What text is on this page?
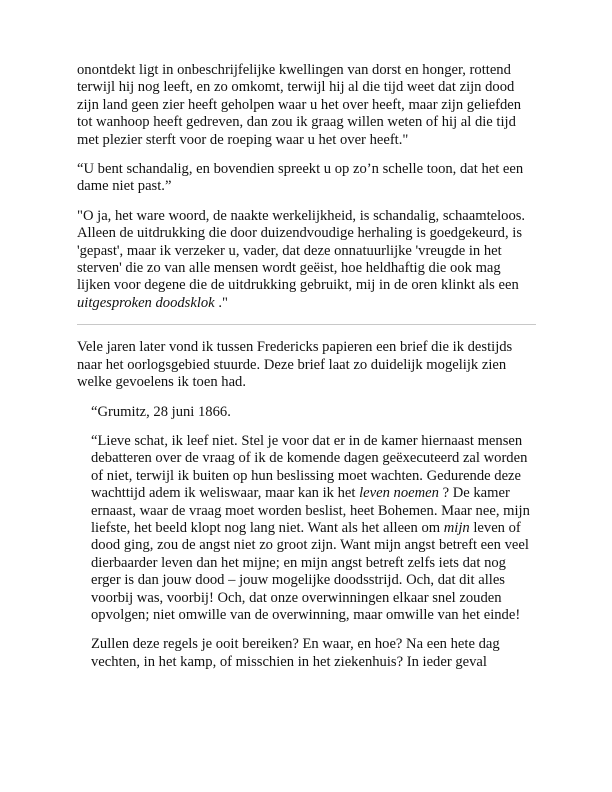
onontdekt ligt in onbeschrijfelijke kwellingen van dorst en honger, rottend terwijl hij nog leeft, en zo omkomt, terwijl hij al die tijd weet dat zijn dood zijn land geen zier heeft geholpen waar u het over heeft, maar zijn geliefden tot wanhoop heeft gedreven, dan zou ik graag willen weten of hij al die tijd met plezier sterft voor de roeping waar u het over heeft."

“U bent schandalig, en bovendien spreekt u op zo’n schelle toon, dat het een dame niet past.”

"O ja, het ware woord, de naakte werkelijkheid, is schandalig, schaamteloos. Alleen de uitdrukking die door duizendvoudige herhaling is goedgekeurd, is 'gepast', maar ik verzeker u, vader, dat deze onnatuurlijke 'vreugde in het sterven' die zo van alle mensen wordt geëist, hoe heldhaftig die ook mag lijken voor degene die de uitdrukking gebruikt, mij in de oren klinkt als een uitgesproken doodsklok ."

Vele jaren later vond ik tussen Fredericks papieren een brief die ik destijds naar het oorlogsgebied stuurde. Deze brief laat zo duidelijk mogelijk zien welke gevoelens ik toen had.

“Grumitz, 28 juni 1866.

“Lieve schat, ik leef niet. Stel je voor dat er in de kamer hiernaast mensen debatteren over de vraag of ik de komende dagen geëxecuteerd zal worden of niet, terwijl ik buiten op hun beslissing moet wachten. Gedurende deze wachttijd adem ik weliswaar, maar kan ik het leven noemen ? De kamer ernaast, waar de vraag moet worden beslist, heet Bohemen. Maar nee, mijn liefste, het beeld klopt nog lang niet. Want als het alleen om mijn leven of dood ging, zou de angst niet zo groot zijn. Want mijn angst betreft een veel dierbaarder leven dan het mijne; en mijn angst betreft zelfs iets dat nog erger is dan jouw dood – jouw mogelijke doodsstrijd. Och, dat dit alles voorbij was, voorbij! Och, dat onze overwinningen elkaar snel zouden opvolgen; niet omwille van de overwinning, maar omwille van het einde!

Zullen deze regels je ooit bereiken? En waar, en hoe? Na een hete dag vechten, in het kamp, of misschien in het ziekenhuis? In ieder geval
